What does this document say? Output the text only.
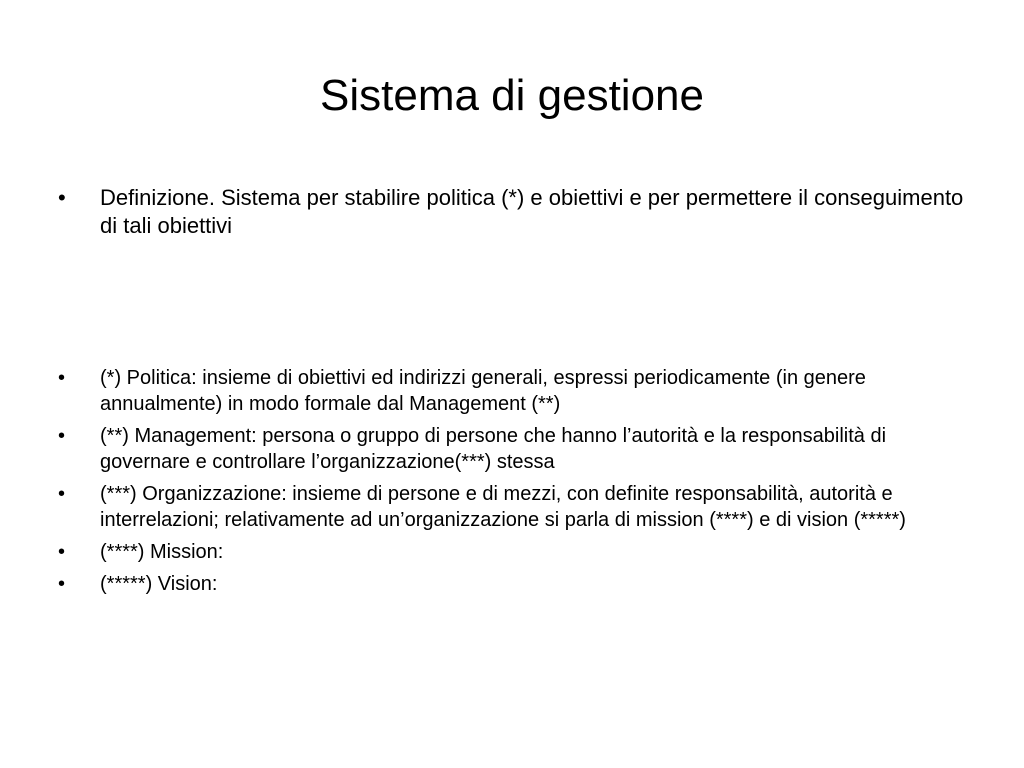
Sistema di gestione
• Definizione. Sistema per stabilire politica (*) e obiettivi e per permettere il conseguimento di tali obiettivi
• (*) Politica: insieme di obiettivi ed indirizzi generali, espressi periodicamente (in genere annualmente) in modo formale dal Management (**)
• (**) Management: persona o gruppo di persone che hanno l’autorità e la responsabilità di governare e controllare l’organizzazione(***) stessa
• (***) Organizzazione: insieme di persone e di mezzi, con definite responsabilità, autorità e interrelazioni; relativamente ad un’organizzazione si parla di mission (****) e di vision (*****)
• (****) Mission:
• (*****) Vision:
